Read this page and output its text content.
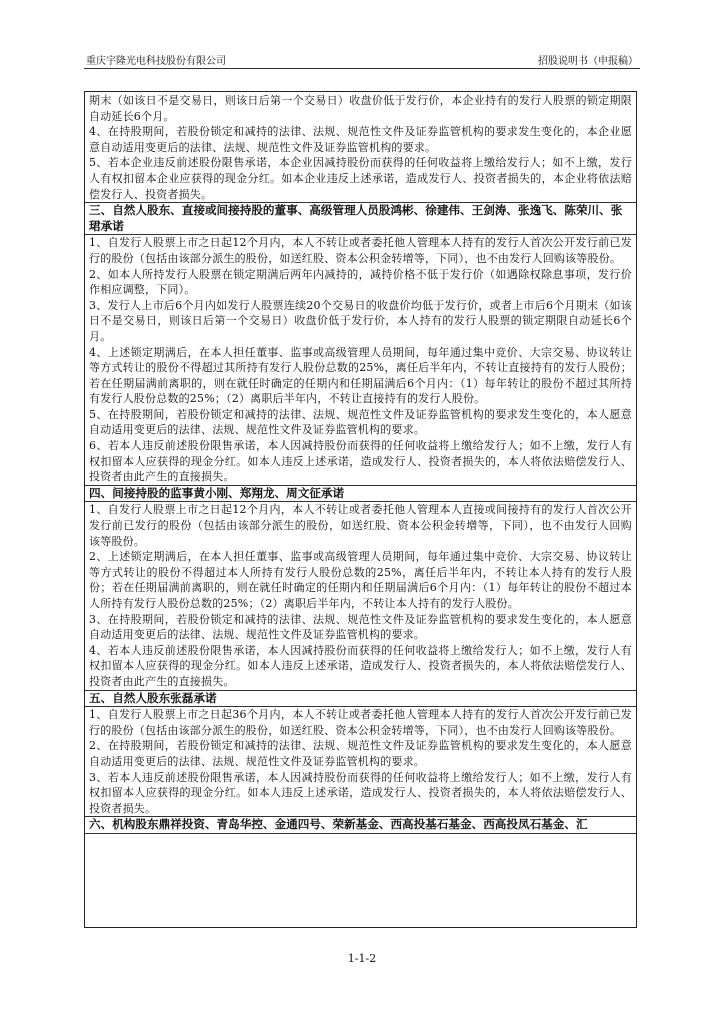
重庆宇隆光电科技股份有限公司	招股说明书（申报稿）
期末（如该日不是交易日，则该日后第一个交易日）收盘价低于发行价，本企业持有的发行人股票的锁定期限自动延长6个月。
4、在持股期间，若股份锁定和减持的法律、法规、规范性文件及证券监管机构的要求发生变化的，本企业愿意自动适用变更后的法律、法规、规范性文件及证券监管机构的要求。
5、若本企业违反前述股份限售承诺，本企业因减持股份而获得的任何收益将上缴给发行人；如不上缴，发行人有权扣留本企业应获得的现金分红。如本企业违反上述承诺，造成发行人、投资者损失的，本企业将依法赔偿发行人、投资者损失。
三、自然人股东、直接或间接持股的董事、高级管理人员股鸿彬、徐建伟、王剑涛、张逸飞、陈荣川、张珺承诺
1、自发行人股票上市之日起12个月内，本人不转让或者委托他人管理本人持有的发行人首次公开发行前已发行的股份（包括由该部分派生的股份，如送红股、资本公积金转增等，下同），也不由发行人回购该等股份。
2、如本人所持发行人股票在锁定期满后两年内减持的，减持价格不低于发行价（如遇除权除息事项，发行价作相应调整，下同）。
3、发行人上市后6个月内如发行人股票连续20个交易日的收盘价均低于发行价，或者上市后6个月期末（如该日不是交易日，则该日后第一个交易日）收盘价低于发行价，本人持有的发行人股票的锁定期限自动延长6个月。
4、上述锁定期满后，在本人担任董事、监事或高级管理人员期间，每年通过集中竞价、大宗交易、协议转让等方式转让的股份不得超过其所持有发行人股份总数的25%，离任后半年内，不转让直接持有的发行人股份；若在任期届满前离职的，则在就任时确定的任期内和任期届满后6个月内：（1）每年转让的股份不超过其所持有发行人股份总数的25%；（2）离职后半年内，不转让直接持有的发行人股份。
5、在持股期间，若股份锁定和减持的法律、法规、规范性文件及证券监管机构的要求发生变化的，本人愿意自动适用变更后的法律、法规、规范性文件及证券监管机构的要求。
6、若本人违反前述股份限售承诺，本人因减持股份而获得的任何收益将上缴给发行人；如不上缴，发行人有权扣留本人应获得的现金分红。如本人违反上述承诺，造成发行人、投资者损失的，本人将依法赔偿发行人、投资者由此产生的直接损失。
四、间接持股的监事黄小刚、郑翔龙、周文征承诺
1、自发行人股票上市之日起12个月内，本人不转让或者委托他人管理本人直接或间接持有的发行人首次公开发行前已发行的股份（包括由该部分派生的股份，如送红股、资本公积金转增等，下同），也不由发行人回购该等股份。
2、上述锁定期满后，在本人担任董事、监事或高级管理人员期间，每年通过集中竞价、大宗交易、协议转让等方式转让的股份不得超过本人所持有发行人股份总数的25%，离任后半年内，不转让本人持有的发行人股份；若在任期届满前离职的，则在就任时确定的任期内和任期届满后6个月内：（1）每年转让的股份不超过本人所持有发行人股份总数的25%；（2）离职后半年内，不转让本人持有的发行人股份。
3、在持股期间，若股份锁定和减持的法律、法规、规范性文件及证券监管机构的要求发生变化的，本人愿意自动适用变更后的法律、法规、规范性文件及证券监管机构的要求。
4、若本人违反前述股份限售承诺，本人因减持股份而获得的任何收益将上缴给发行人；如不上缴，发行人有权扣留本人应获得的现金分红。如本人违反上述承诺，造成发行人、投资者损失的，本人将依法赔偿发行人、投资者由此产生的直接损失。
五、自然人股东张磊承诺
1、自发行人股票上市之日起36个月内，本人不转让或者委托他人管理本人持有的发行人首次公开发行前已发行的股份（包括由该部分派生的股份，如送红股、资本公积金转增等，下同），也不由发行人回购该等股份。
2、在持股期间，若股份锁定和减持的法律、法规、规范性文件及证券监管机构的要求发生变化的，本人愿意自动适用变更后的法律、法规、规范性文件及证券监管机构的要求。
3、若本人违反前述股份限售承诺，本人因减持股份而获得的任何收益将上缴给发行人；如不上缴，发行人有权扣留本人应获得的现金分红。如本人违反上述承诺，造成发行人、投资者损失的，本人将依法赔偿发行人、投资者损失。
六、机构股东鼎祥投资、青岛华控、金通四号、荣新基金、西高投基石基金、西高投凤石基金、汇
1-1-2
